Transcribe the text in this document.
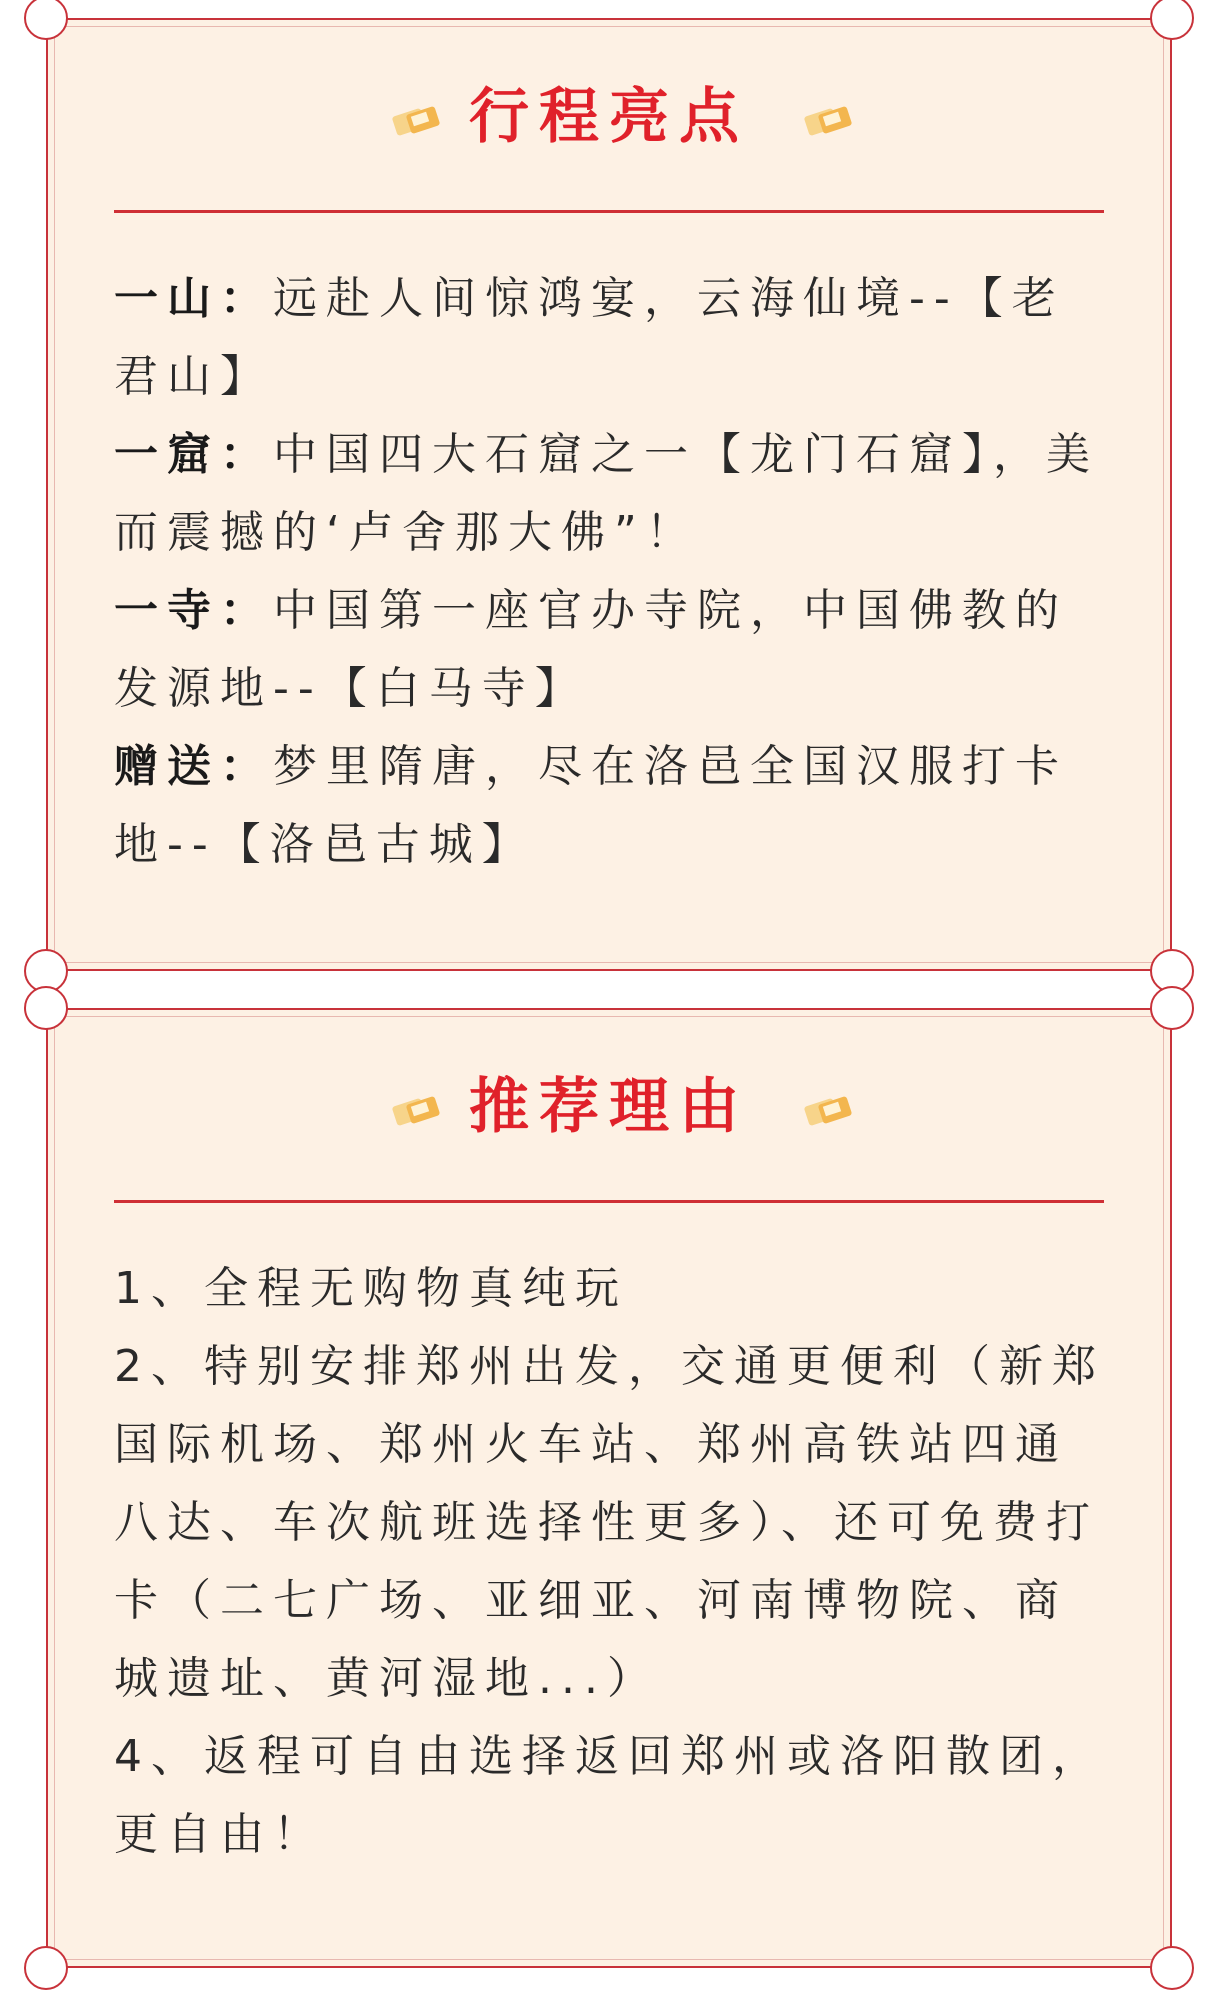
行程亮点

一山：远赴人间惊鸿宴，云海仙境--【老君山】

一窟：中国四大石窟之一【龙门石窟】，美而震撼的‘卢舍那大佛”！

一寺：中国第一座官办寺院，中国佛教的发源地--【白马寺】

赠送：梦里隋唐，尽在洛邑全国汉服打卡地--【洛邑古城】

推荐理由

1、全程无购物真纯玩

2、特别安排郑州出发，交通更便利（新郑国际机场、郑州火车站、郑州高铁站四通八达、车次航班选择性更多）、还可免费打卡（二七广场、亚细亚、河南博物院、商城遗址、黄河湿地...）

4、返程可自由选择返回郑州或洛阳散团，更自由！
